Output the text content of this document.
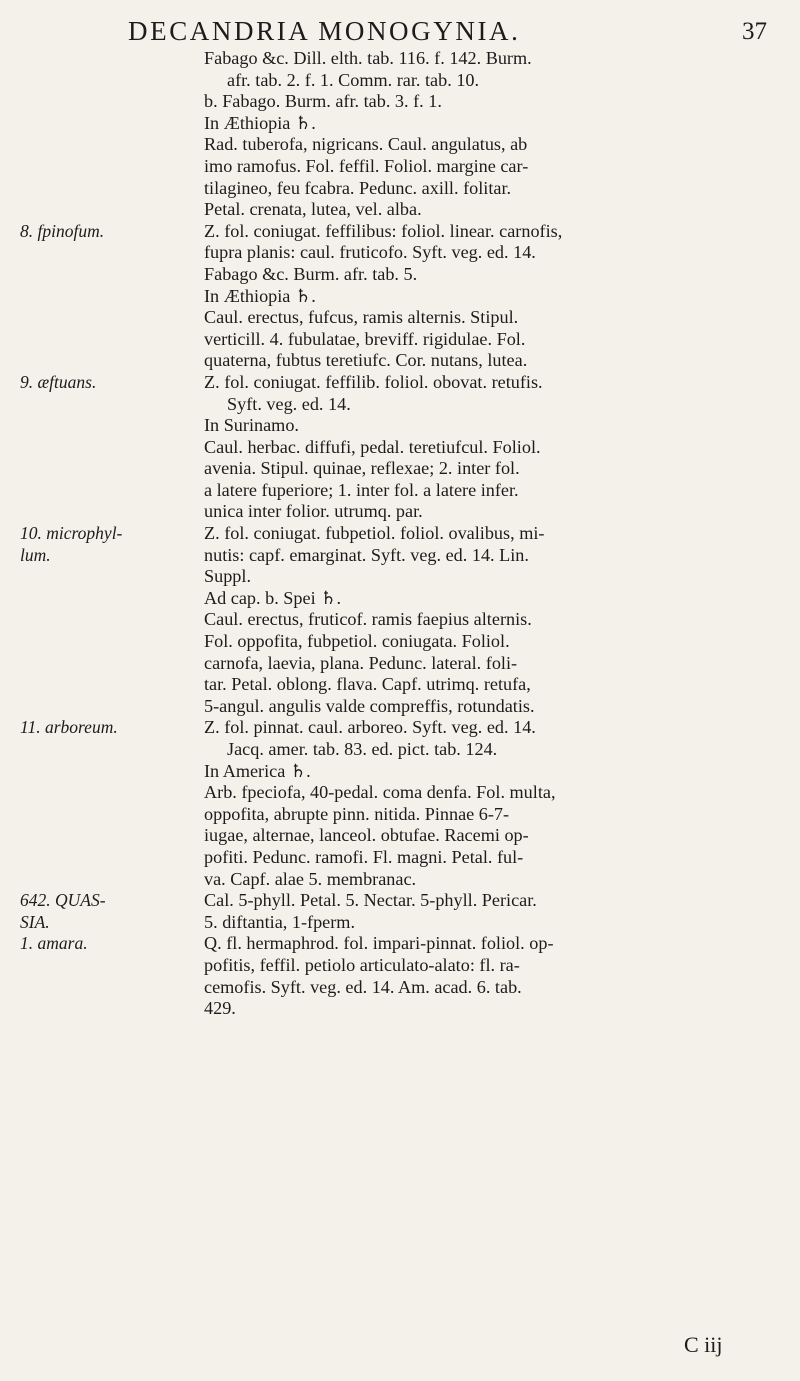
DECANDRIA MONOGYNIA.	37
Fabago &c. Dill. elth. tab. 116. f. 142. Burm.
afr. tab. 2. f. 1. Comm. rar. tab. 10.
b. Fabago. Burm. afr. tab. 3. f. 1.
In Æthiopia ♄.
Rad. tuberofa, nigricans. Caul. angulatus, ab
imo ramofus. Fol. feffil. Foliol. margine car-
tilagineo, feu fcabra. Pedunc. axill. folitar.
Petal. crenata, lutea, vel. alba.
8. fpinofum.	Z. fol. coniugat. feffilibus: foliol. linear. carnofis,
fupra planis: caul. fruticofo. Syft. veg. ed. 14.
Fabago &c. Burm. afr. tab. 5.
In Æthiopia ♄.
Caul. erectus, fufcus, ramis alternis. Stipul.
verticill. 4. fubulatae, breviff. rigidulae. Fol.
quaterna, fubtus teretiufc. Cor. nutans, lutea.
9. æftuans.	Z. fol. coniugat. feffilib. foliol. obovat. retufis.
Syft. veg. ed. 14.
In Surinamo.
Caul. herbac. diffufi, pedal. teretiufcul. Foliol.
avenia. Stipul. quinae, reflexae; 2. inter fol.
a latere fuperiore; 1. inter fol. a latere infer.
unica inter folior. utrumq. par.
10. microphyl-	Z. fol. coniugat. fubpetiol. foliol. ovalibus, mi-
lum.	nutis: capf. emarginat. Syft. veg. ed. 14. Lin.
Suppl.
Ad cap. b. Spei ♄.
Caul. erectus, fruticof. ramis faepius alternis.
Fol. oppofita, fubpetiol. coniugata. Foliol.
carnofa, laevia, plana. Pedunc. lateral. foli-
tar. Petal. oblong. flava. Capf. utrimq. retufa,
5-angul. angulis valde compreffis, rotundatis.
11. arboreum.	Z. fol. pinnat. caul. arboreo. Syft. veg. ed. 14.
Jacq. amer. tab. 83. ed. pict. tab. 124.
In America ♄.
Arb. fpeciofa, 40-pedal. coma denfa. Fol. multa,
oppofita, abrupte pinn. nitida. Pinnae 6-7-
iugae, alternae, lanceol. obtufae. Racemi op-
pofiti. Pedunc. ramofi. Fl. magni. Petal. ful-
va. Capf. alae 5. membranac.
642. QUAS-	Cal. 5-phyll. Petal. 5. Nectar. 5-phyll. Pericar.
SIA.	5. diftantia, 1-fperm.
1. amara.	Q. fl. hermaphrod. fol. impari-pinnat. foliol. op-
pofitis, feffil. petiolo articulato-alato: fl. ra-
cemofis. Syft. veg. ed. 14. Am. acad. 6. tab.
429.
C iij
